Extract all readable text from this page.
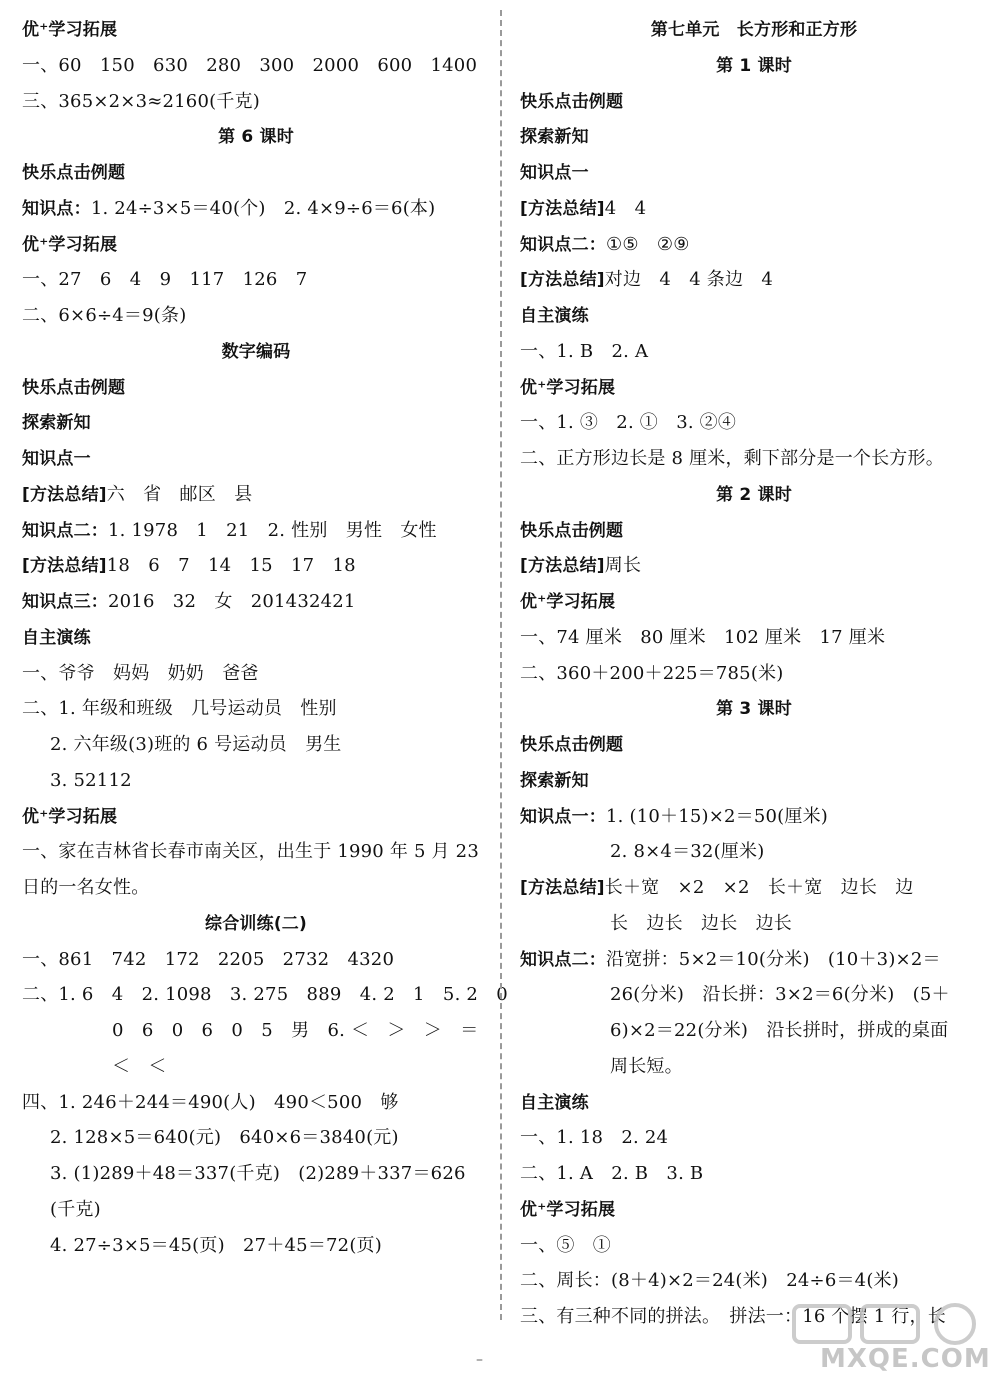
优⁺学习拓展
一、60　150　630　280　300　2000　600　1400
三、365×2×3≈2160(千克)
第 6 课时
快乐点击例题
知识点：1. 24÷3×5＝40(个)　2. 4×9÷6＝6(本)
优⁺学习拓展
一、27　6　4　9　117　126　7
二、6×6÷4＝9(条)
数字编码
快乐点击例题
探索新知
知识点一
[方法总结]六　省　邮区　县
知识点二：1. 1978　1　21　2. 性别　男性　女性
[方法总结]18　6　7　14　15　17　18
知识点三：2016　32　女　201432421
自主演练
一、爷爷　妈妈　奶奶　爸爸
二、1. 年级和班级　几号运动员　性别
2. 六年级(3)班的 6 号运动员　男生
3. 52112
优⁺学习拓展
一、家在吉林省长春市南关区，出生于 1990 年 5 月 23
日的一名女性。
综合训练(二)
一、861　742　172　2205　2732　4320
二、1. 6　4　2. 1098　3. 275　889　4. 2　1　5. 2　0
0　6　0　6　0　5　男　6. ＜　＞　＞　＝
＜　＜
四、1. 246＋244＝490(人)　490＜500　够
2. 128×5＝640(元)　640×6＝3840(元)
3. (1)289＋48＝337(千克)　(2)289＋337＝626
(千克)
4. 27÷3×5＝45(页)　27＋45＝72(页)
第七单元　长方形和正方形
第 1 课时
快乐点击例题
探索新知
知识点一
[方法总结]4　4
知识点二：①⑤　②⑨
[方法总结]对边　4　4 条边　4
自主演练
一、1. B　2. A
优⁺学习拓展
一、1. ③　2. ①　3. ②④
二、正方形边长是 8 厘米，剩下部分是一个长方形。
第 2 课时
快乐点击例题
[方法总结]周长
优⁺学习拓展
一、74 厘米　80 厘米　102 厘米　17 厘米
二、360＋200＋225＝785(米)
第 3 课时
快乐点击例题
探索新知
知识点一：1. (10＋15)×2＝50(厘米)
2. 8×4＝32(厘米)
[方法总结]长＋宽　×2　×2　长＋宽　边长　边
长　边长　边长　边长
知识点二：沿宽拼：5×2＝10(分米)　(10＋3)×2＝
26(分米)　沿长拼：3×2＝6(分米)　(5＋
6)×2＝22(分米)　沿长拼时，拼成的桌面
周长短。
自主演练
一、1. 18　2. 24
二、1. A　2. B　3. B
优⁺学习拓展
一、⑤　①
二、周长：(8＋4)×2＝24(米)　24÷6＝4(米)
三、有三种不同的拼法。　拼法一：16 个摆 1 行，长
–	MXQE.COM
